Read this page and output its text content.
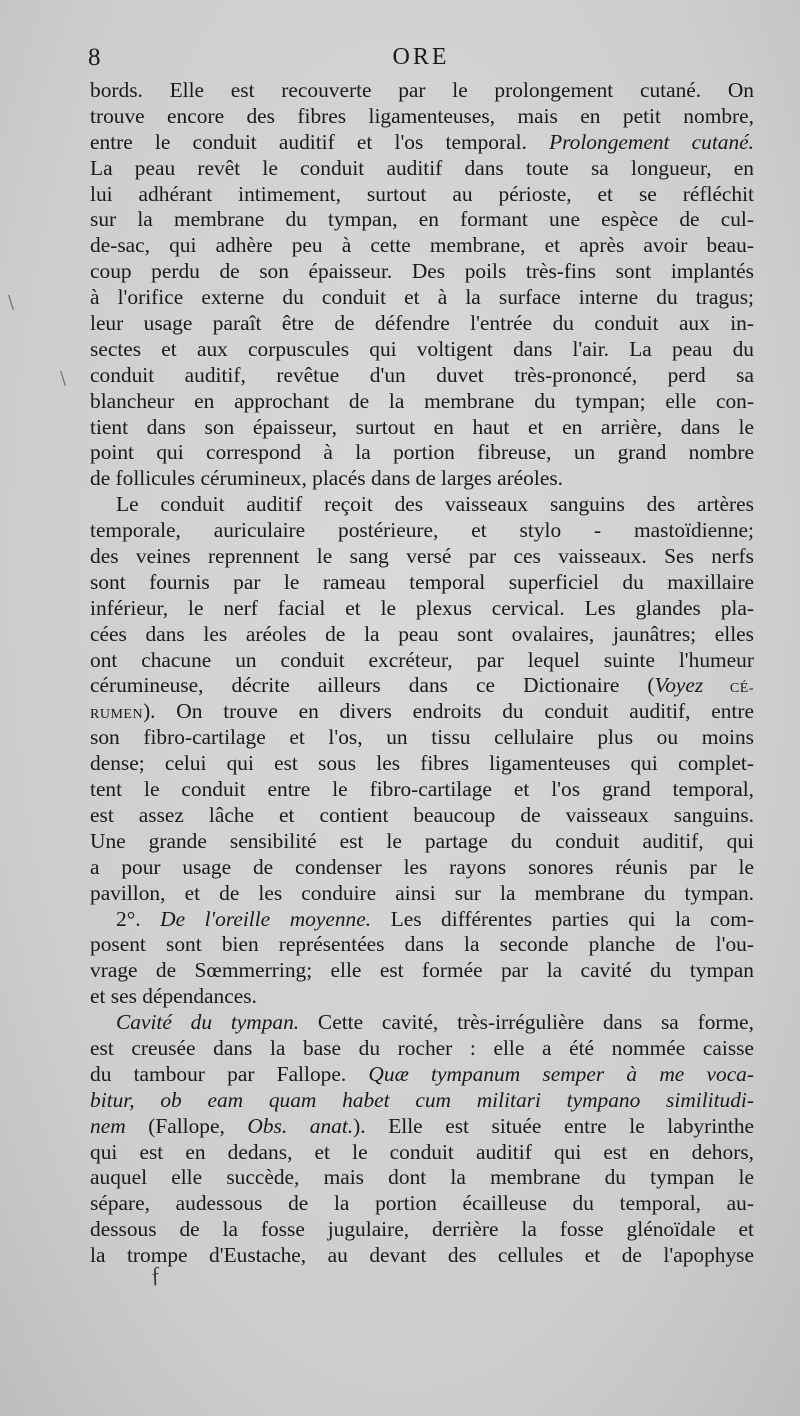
8	ORE
bords. Elle est recouverte par le prolongement cutané. On
trouve encore des fibres ligamenteuses, mais en petit nombre,
entre le conduit auditif et l'os temporal. Prolongement cutané.
La peau revêt le conduit auditif dans toute sa longueur, en
lui adhérant intimement, surtout au périoste, et se réfléchit
sur la membrane du tympan, en formant une espèce de cul-
de-sac, qui adhère peu à cette membrane, et après avoir beau-
coup perdu de son épaisseur. Des poils très-fins sont implantés
à l'orifice externe du conduit et à la surface interne du tragus;
leur usage paraît être de défendre l'entrée du conduit aux in-
sectes et aux corpuscules qui voltigent dans l'air. La peau du
conduit auditif, revêtue d'un duvet très-prononcé, perd sa
blancheur en approchant de la membrane du tympan; elle con-
tient dans son épaisseur, surtout en haut et en arrière, dans le
point qui correspond à la portion fibreuse, un grand nombre
de follicules cérumineux, placés dans de larges aréoles.
Le conduit auditif reçoit des vaisseaux sanguins des artères
temporale, auriculaire postérieure, et stylo - mastoïdienne;
des veines reprennent le sang versé par ces vaisseaux. Ses nerfs
sont fournis par le rameau temporal superficiel du maxillaire
inférieur, le nerf facial et le plexus cervical. Les glandes pla-
cées dans les aréoles de la peau sont ovalaires, jaunâtres; elles
ont chacune un conduit excréteur, par lequel suinte l'humeur
cérumineuse, décrite ailleurs dans ce Dictionaire (Voyez CÉ-
RUMEN). On trouve en divers endroits du conduit auditif, entre
son fibro-cartilage et l'os, un tissu cellulaire plus ou moins
dense; celui qui est sous les fibres ligamenteuses qui complet-
tent le conduit entre le fibro-cartilage et l'os grand temporal,
est assez lâche et contient beaucoup de vaisseaux sanguins.
Une grande sensibilité est le partage du conduit auditif, qui
a pour usage de condenser les rayons sonores réunis par le
pavillon, et de les conduire ainsi sur la membrane du tympan.
2°. De l'oreille moyenne. Les différentes parties qui la com-
posent sont bien représentées dans la seconde planche de l'ou-
vrage de Sœmmerring; elle est formée par la cavité du tympan
et ses dépendances.
Cavité du tympan. Cette cavité, très-irrégulière dans sa forme,
est creusée dans la base du rocher : elle a été nommée caisse
du tambour par Fallope. Quæ tympanum semper à me voca-
bitur, ob eam quam habet cum militari tympano similitudi-
nem (Fallope, Obs. anat.). Elle est située entre le labyrinthe
qui est en dedans, et le conduit auditif qui est en dehors,
auquel elle succède, mais dont la membrane du tympan le
sépare, audessous de la portion écailleuse du temporal, au-
dessous de la fosse jugulaire, derrière la fosse glénoïdale et
la trompe d'Eustache, au devant des cellules et de l'apophyse
ƒ
\
\
